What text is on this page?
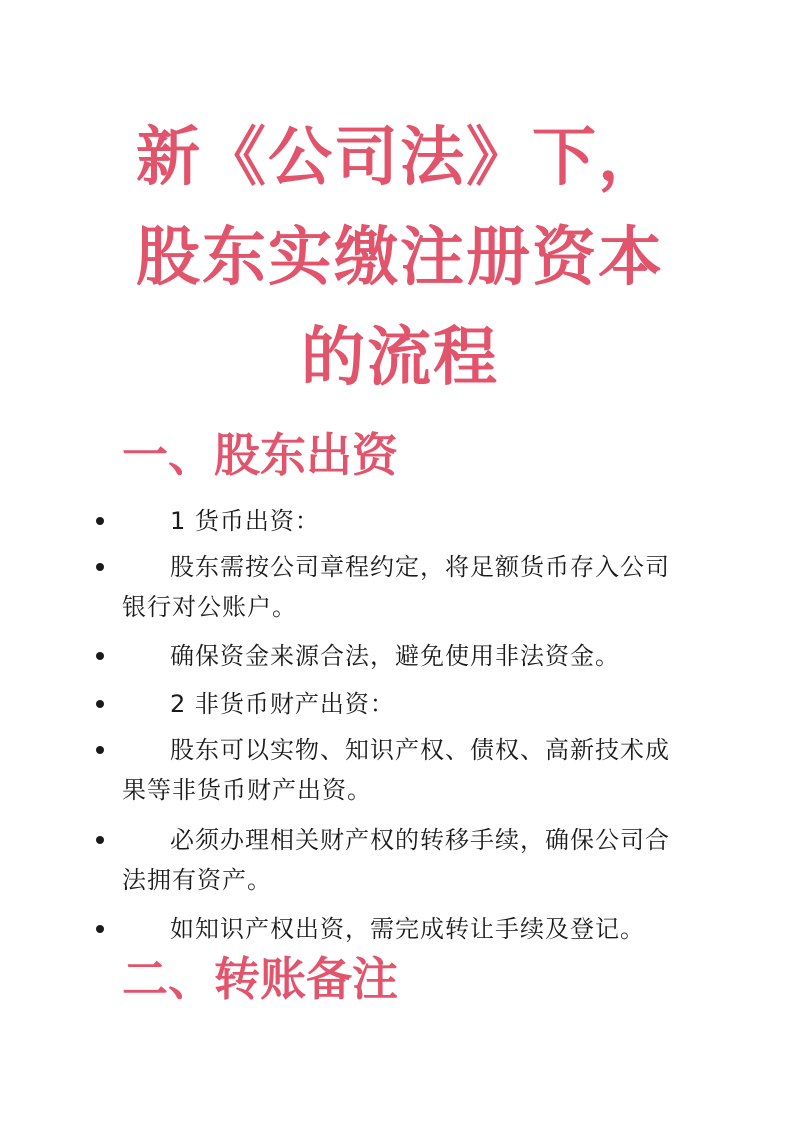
新《公司法》下，
股东实缴注册资本
的流程
一、股东出资
1 货币出资：
股东需按公司章程约定，将足额货币存入公司银行对公账户。
确保资金来源合法，避免使用非法资金。
2 非货币财产出资：
股东可以实物、知识产权、债权、高新技术成果等非货币财产出资。
必须办理相关财产权的转移手续，确保公司合法拥有资产。
如知识产权出资，需完成转让手续及登记。
二、转账备注
